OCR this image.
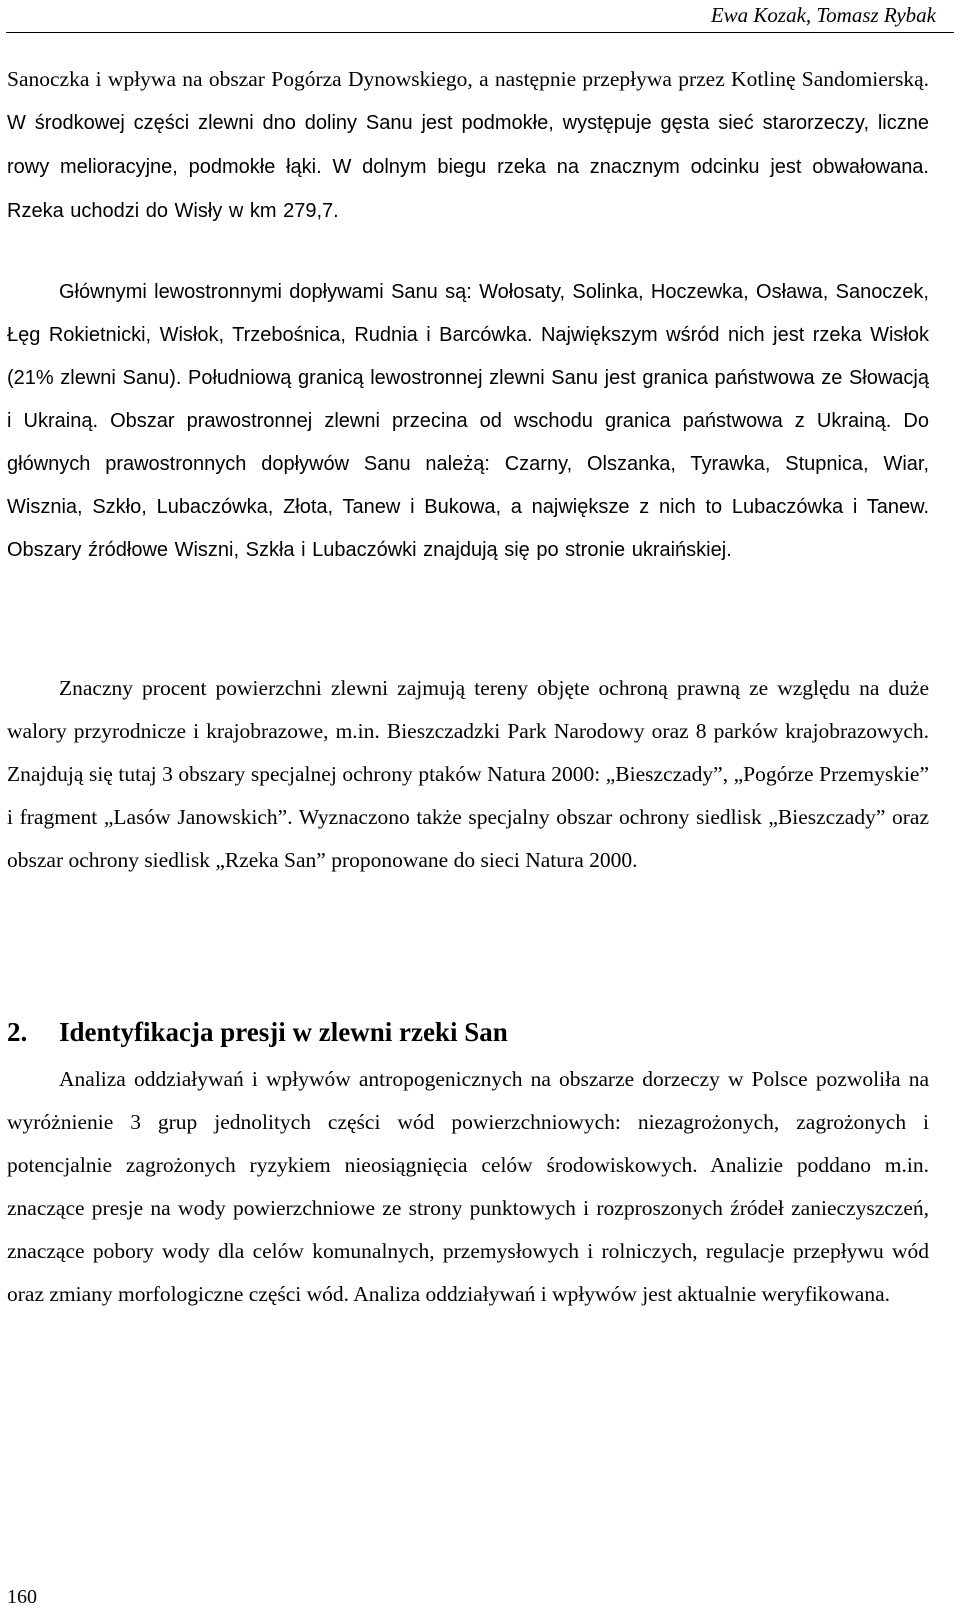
Ewa Kozak, Tomasz Rybak

Sanoczka i wpływa na obszar Pogórza Dynowskiego, a następnie przepływa przez Kotlinę Sandomierską. W środkowej części zlewni dno doliny Sanu jest podmokłe, występuje gęsta sieć starorzeczy, liczne rowy melioracyjne, podmokłe łąki. W dolnym biegu rzeka na znacznym odcinku jest obwałowana. Rzeka uchodzi do Wisły w km 279,7.

Głównymi lewostronnymi dopływami Sanu są: Wołosaty, Solinka, Hoczewka, Osława, Sanoczek, Łęg Rokietnicki, Wisłok, Trzebośnica, Rudnia i Barcówka. Największym wśród nich jest rzeka Wisłok (21% zlewni Sanu). Południową granicą lewostronnej zlewni Sanu jest granica państwowa ze Słowacją i Ukrainą. Obszar prawostronnej zlewni przecina od wschodu granica państwowa z Ukrainą. Do głównych prawostronnych dopływów Sanu należą: Czarny, Olszanka, Tyrawka, Stupnica, Wiar, Wisznia, Szkło, Lubaczówka, Złota, Tanew i Bukowa, a największe z nich to Lubaczówka i Tanew. Obszary źródłowe Wiszni, Szkła i Lubaczówki znajdują się po stronie ukraińskiej.

Znaczny procent powierzchni zlewni zajmują tereny objęte ochroną prawną ze względu na duże walory przyrodnicze i krajobrazowe, m.in. Bieszczadzki Park Narodowy oraz 8 parków krajobrazowych. Znajdują się tutaj 3 obszary specjalnej ochrony ptaków Natura 2000: „Bieszczady”, „Pogórze Przemyskie” i fragment „Lasów Janowskich”. Wyznaczono także specjalny obszar ochrony siedlisk „Bieszczady” oraz obszar ochrony siedlisk „Rzeka San” proponowane do sieci Natura 2000.

2. Identyfikacja presji w zlewni rzeki San

Analiza oddziaływań i wpływów antropogenicznych na obszarze dorzeczy w Polsce pozwoliła na wyróżnienie 3 grup jednolitych części wód powierzchniowych: niezagrożonych, zagrożonych i potencjalnie zagrożonych ryzykiem nieosiągnięcia celów środowiskowych. Analizie poddano m.in. znaczące presje na wody powierzchniowe ze strony punktowych i rozproszonych źródeł zanieczyszczeń, znaczące pobory wody dla celów komunalnych, przemysłowych i rolniczych, regulacje przepływu wód oraz zmiany morfologiczne części wód. Analiza oddziaływań i wpływów jest aktualnie weryfikowana.

160
